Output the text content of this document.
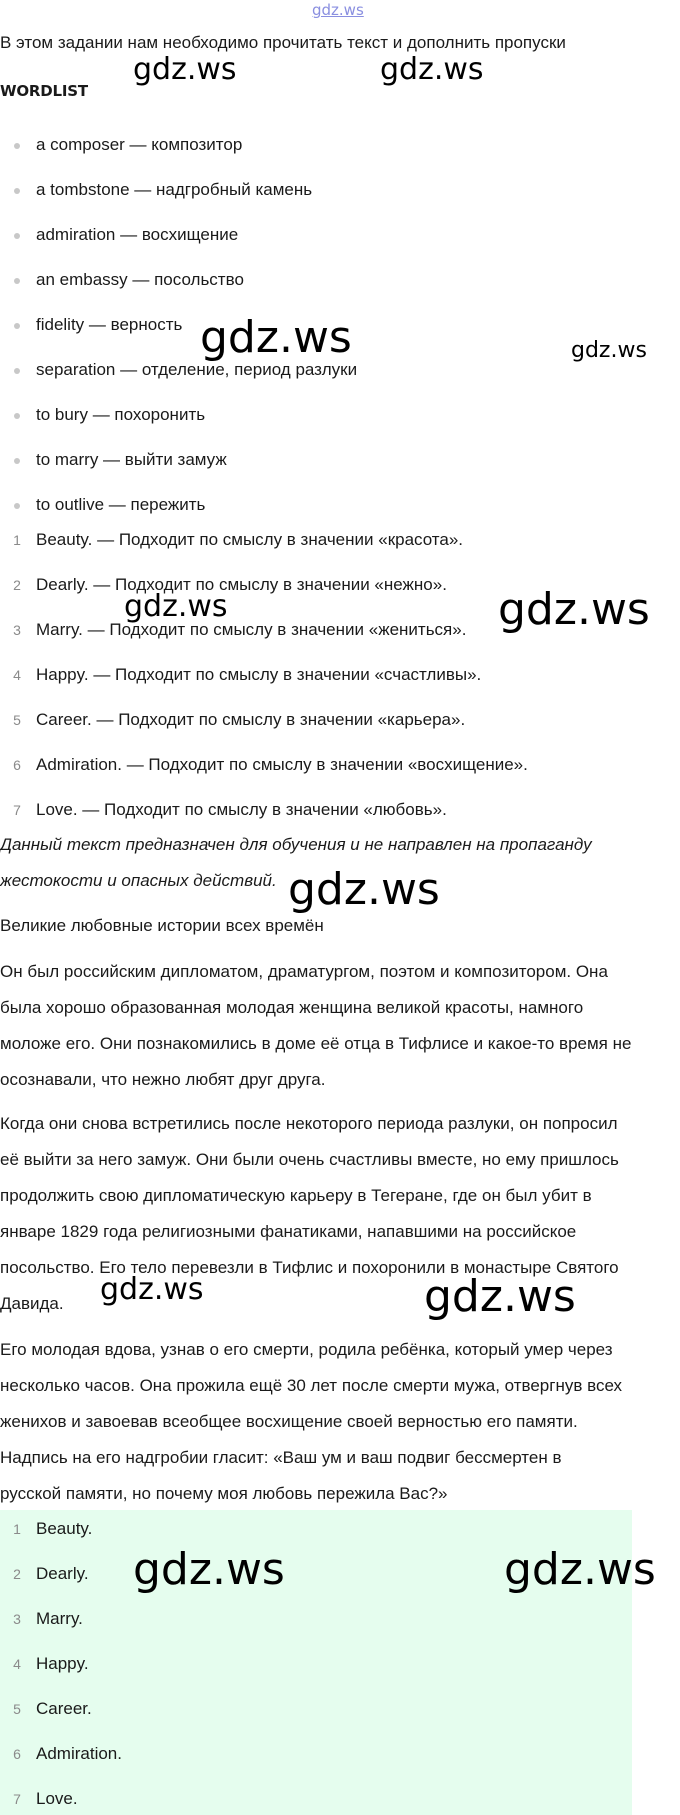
gdz.ws
В этом задании нам необходимо прочитать текст и дополнить пропуски
WORDLIST
a composer — композитор
a tombstone — надгробный камень
admiration — восхищение
an embassy — посольство
fidelity — верность
separation — отделение, период разлуки
to bury — похоронить
to marry — выйти замуж
to outlive — пережить
1 Beauty. — Подходит по смыслу в значении «красота».
2 Dearly. — Подходит по смыслу в значении «нежно».
3 Marry. — Подходит по смыслу в значении «жениться».
4 Happy. — Подходит по смыслу в значении «счастливы».
5 Career. — Подходит по смыслу в значении «карьера».
6 Admiration. — Подходит по смыслу в значении «восхищение».
7 Love. — Подходит по смыслу в значении «любовь».
Данный текст предназначен для обучения и не направлен на пропаганду
жестокости и опасных действий.
Великие любовные истории всех времён
Он был российским дипломатом, драматургом, поэтом и композитором. Она
была хорошо образованная молодая женщина великой красоты, намного
моложе его. Они познакомились в доме её отца в Тифлисе и какое-то время не
осознавали, что нежно любят друг друга.
Когда они снова встретились после некоторого периода разлуки, он попросил
её выйти за него замуж. Они были очень счастливы вместе, но ему пришлось
продолжить свою дипломатическую карьеру в Тегеране, где он был убит в
январе 1829 года религиозными фанатиками, напавшими на российское
посольство. Его тело перевезли в Тифлис и похоронили в монастыре Святого
Давида.
Его молодая вдова, узнав о его смерти, родила ребёнка, который умер через
несколько часов. Она прожила ещё 30 лет после смерти мужа, отвергнув всех
женихов и завоевав всеобщее восхищение своей верностью его памяти.
Надпись на его надгробии гласит: «Ваш ум и ваш подвиг бессмертен в
русской памяти, но почему моя любовь пережила Вас?»
1 Beauty.
2 Dearly.
3 Marry.
4 Happy.
5 Career.
6 Admiration.
7 Love.
gdz.ws	gdz.ws
gdz.ws	gdz.ws
gdz.ws	gdz.ws
gdz.ws
gdz.ws	gdz.ws
gdz.ws	gdz.ws
